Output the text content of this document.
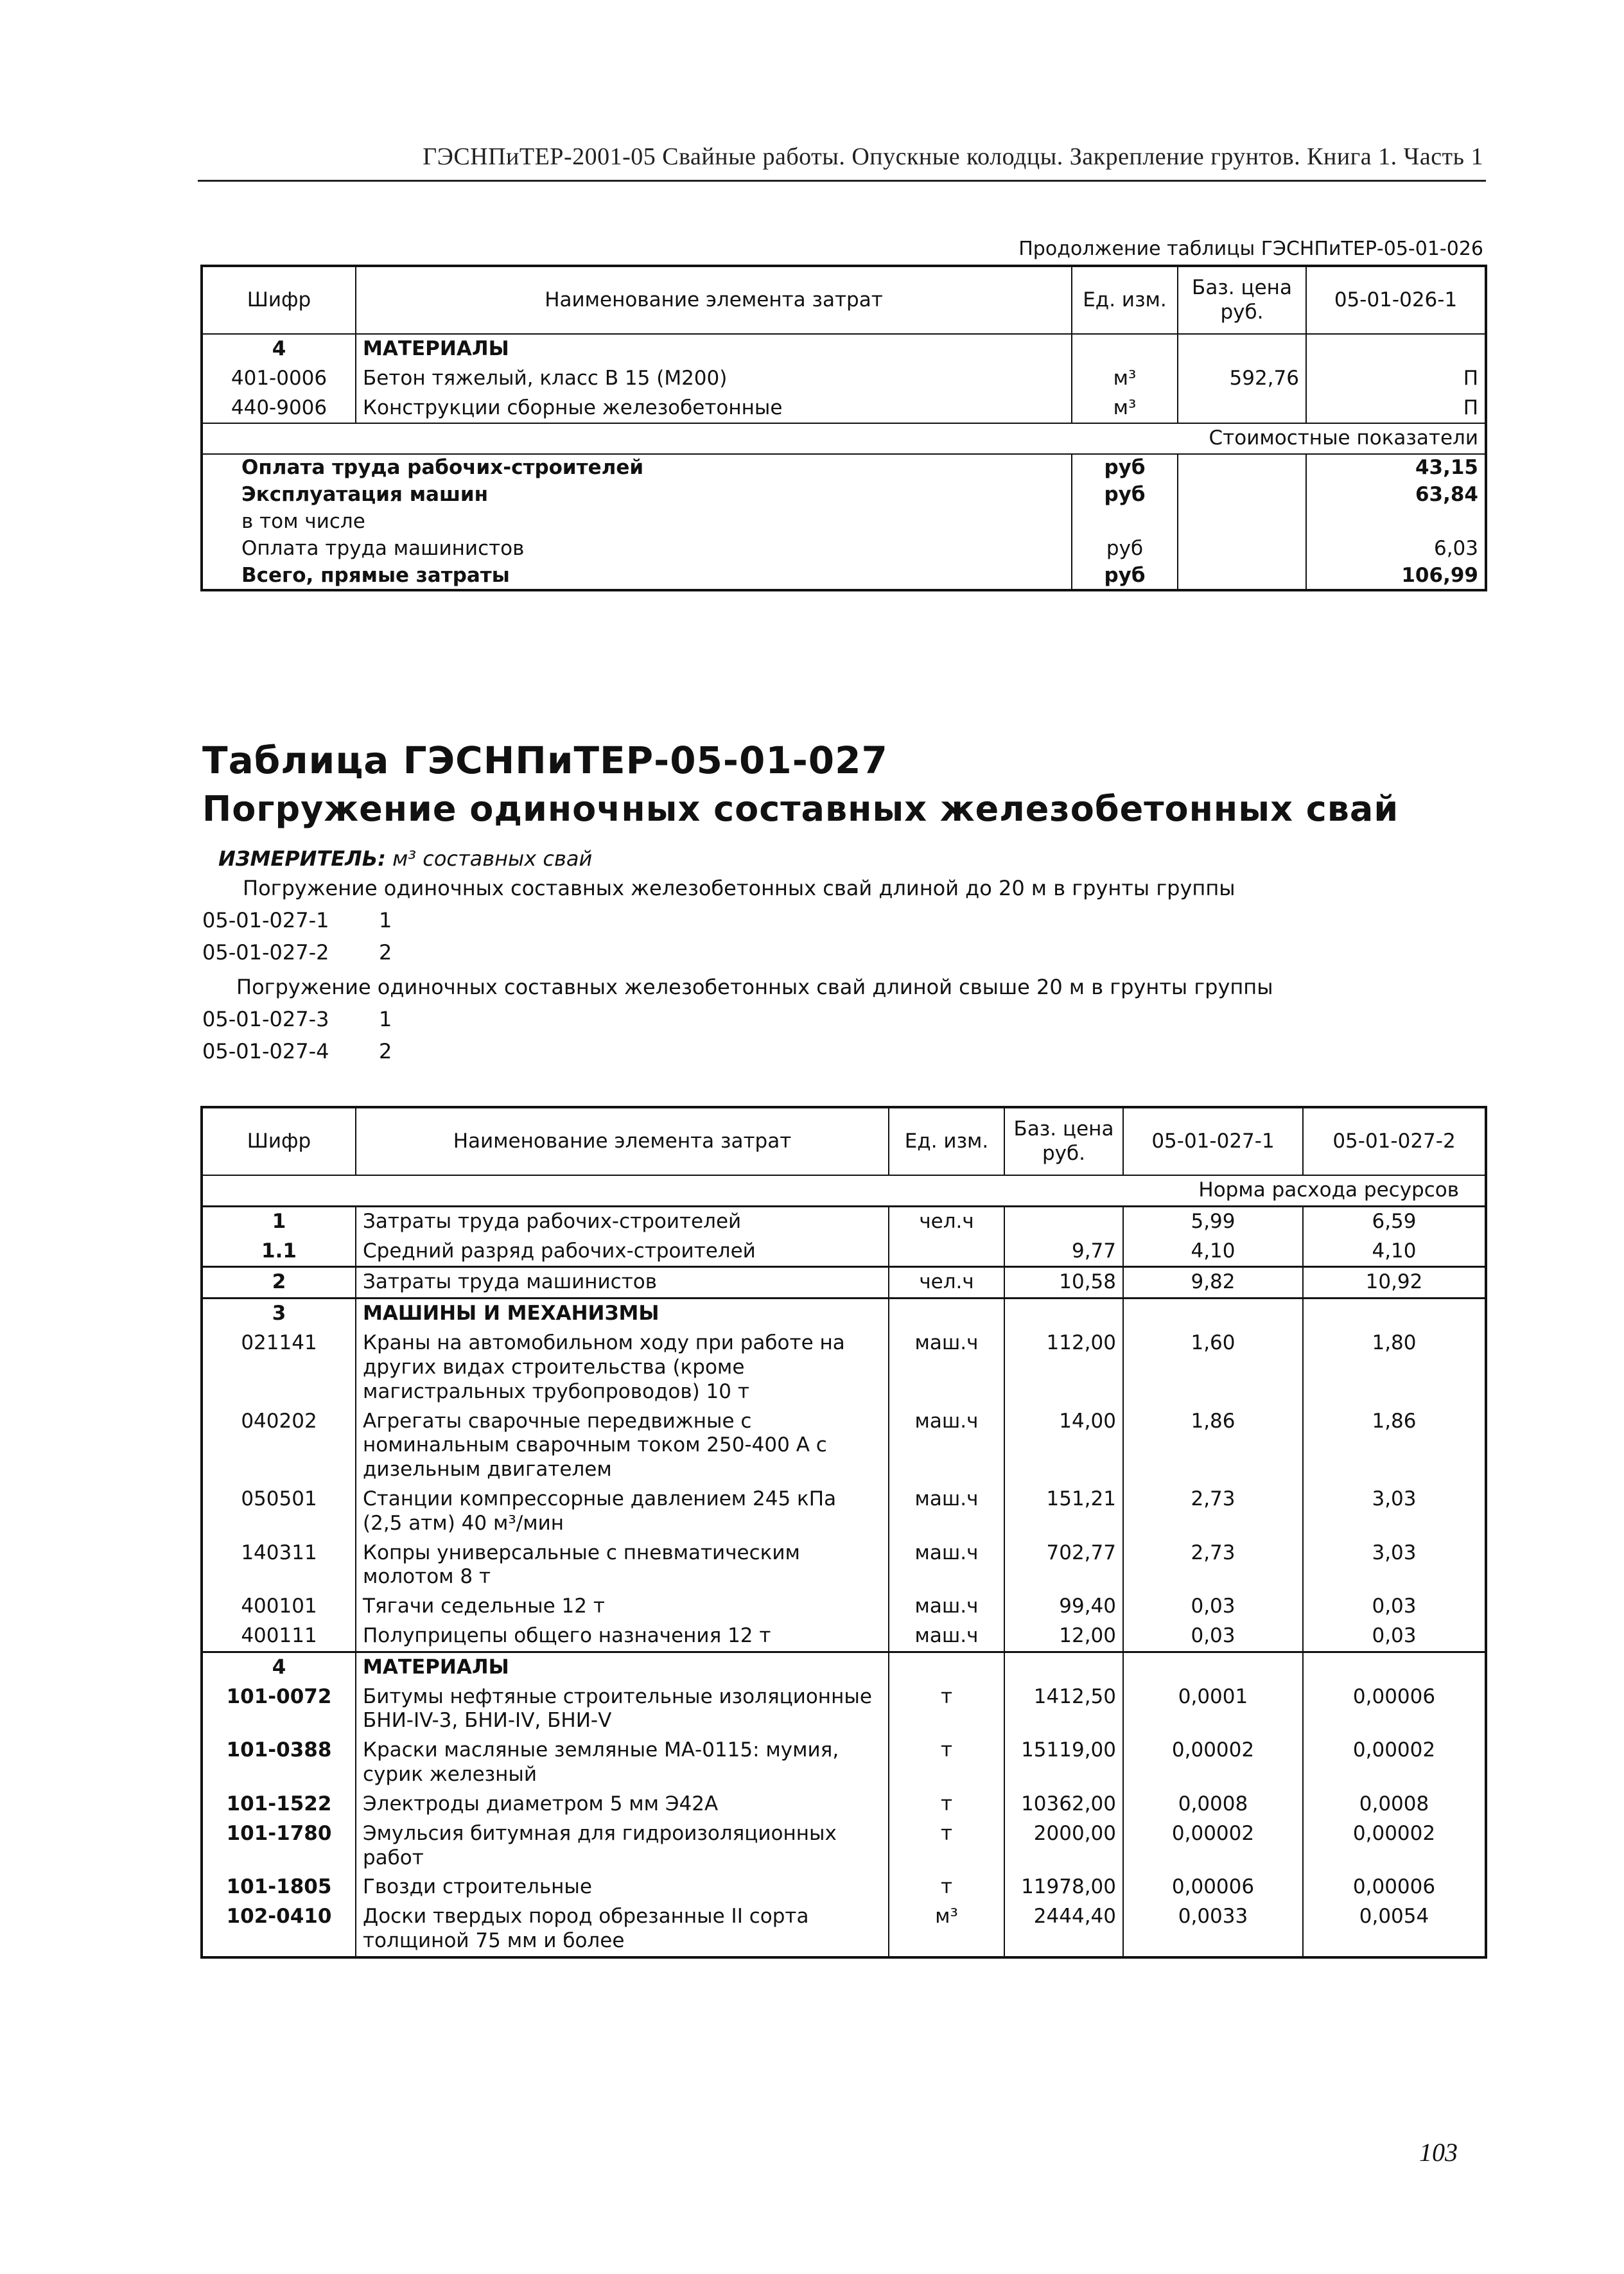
ГЭСНПиТЕР-2001-05 Свайные работы. Опускные колодцы. Закрепление грунтов. Книга 1. Часть 1
Продолжение таблицы ГЭСНПиТЕР-05-01-026
Шифр	Наименование элемента затрат	Ед. изм.	Баз. цена руб.	05-01-026-1
4	МАТЕРИАЛЫ			
401-0006	Бетон тяжелый, класс В 15 (М200)	м³	592,76	П
440-9006	Конструкции сборные железобетонные	м³		П
Стоимостные показатели				
Оплата труда рабочих-строителей		руб		43,15
Эксплуатация машин		руб		63,84
в том числе				
Оплата труда машинистов		руб		6,03
Всего, прямые затраты		руб		106,99
Таблица ГЭСНПиТЕР-05-01-027
Погружение одиночных составных железобетонных свай
ИЗМЕРИТЕЛЬ: м³ составных свай
Погружение одиночных составных железобетонных свай длиной до 20 м в грунты группы
05-01-027-1 1
05-01-027-2 2
Погружение одиночных составных железобетонных свай длиной свыше 20 м в грунты группы
05-01-027-3 1
05-01-027-4 2
Шифр	Наименование элемента затрат	Ед. изм.	Баз. цена руб.	05-01-027-1	05-01-027-2
Норма расхода ресурсов					
1	Затраты труда рабочих-строителей	чел.ч		5,99	6,59
1.1	Средний разряд рабочих-строителей		9,77	4,10	4,10
2	Затраты труда машинистов	чел.ч	10,58	9,82	10,92
3	МАШИНЫ И МЕХАНИЗМЫ				
021141	Краны на автомобильном ходу при работе на других видах строительства (кроме магистральных трубопроводов) 10 т	маш.ч	112,00	1,60	1,80
040202	Агрегаты сварочные передвижные с номинальным сварочным током 250-400 А с дизельным двигателем	маш.ч	14,00	1,86	1,86
050501	Станции компрессорные давлением 245 кПа (2,5 атм) 40 м³/мин	маш.ч	151,21	2,73	3,03
140311	Копры универсальные с пневматическим молотом 8 т	маш.ч	702,77	2,73	3,03
400101	Тягачи седельные 12 т	маш.ч	99,40	0,03	0,03
400111	Полуприцепы общего назначения 12 т	маш.ч	12,00	0,03	0,03
4	МАТЕРИАЛЫ				
101-0072	Битумы нефтяные строительные изоляционные БНИ-IV-3, БНИ-IV, БНИ-V	т	1412,50	0,0001	0,00006
101-0388	Краски масляные земляные МА-0115: мумия, сурик железный	т	15119,00	0,00002	0,00002
101-1522	Электроды диаметром 5 мм Э42А	т	10362,00	0,0008	0,0008
101-1780	Эмульсия битумная для гидроизоляционных работ	т	2000,00	0,00002	0,00002
101-1805	Гвозди строительные	т	11978,00	0,00006	0,00006
102-0410	Доски твердых пород обрезанные II сорта толщиной 75 мм и более	м³	2444,40	0,0033	0,0054
103
